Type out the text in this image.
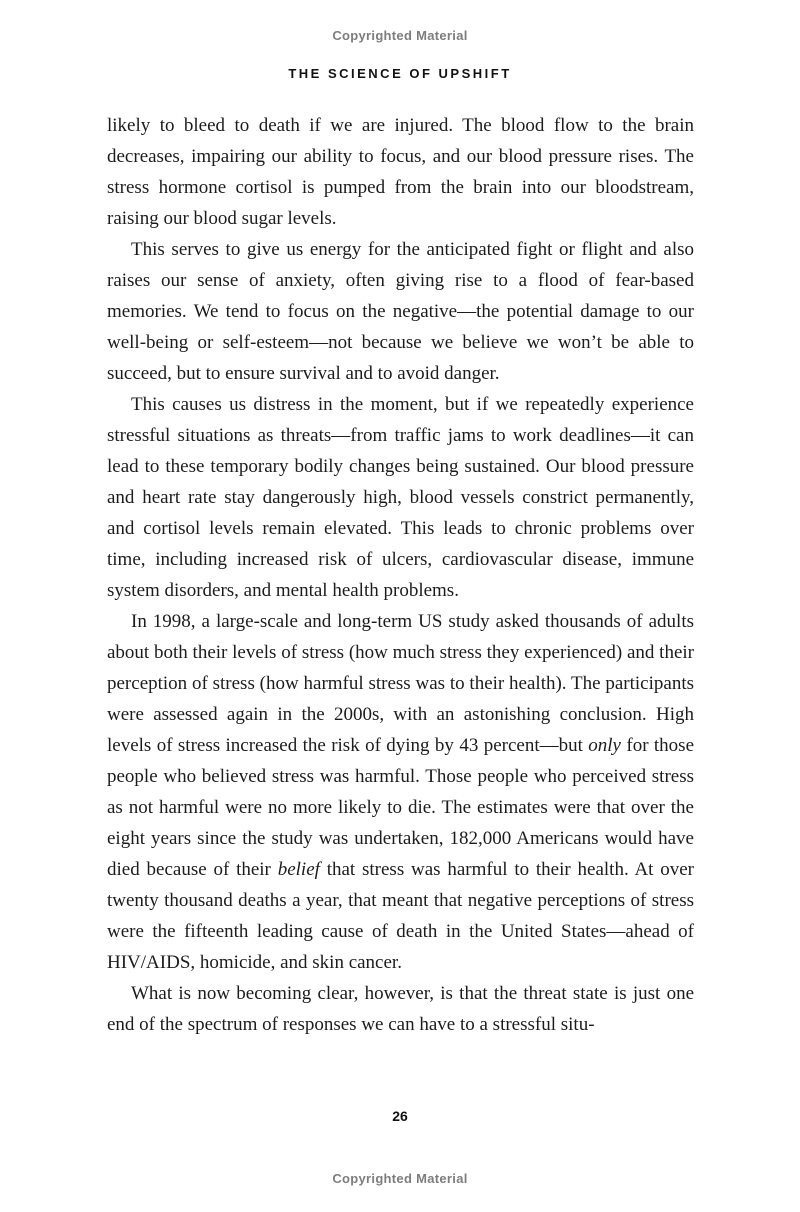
Copyrighted Material
THE SCIENCE OF UPSHIFT

likely to bleed to death if we are injured. The blood flow to the brain decreases, impairing our ability to focus, and our blood pressure rises. The stress hormone cortisol is pumped from the brain into our bloodstream, raising our blood sugar levels.

This serves to give us energy for the anticipated fight or flight and also raises our sense of anxiety, often giving rise to a flood of fear-based memories. We tend to focus on the negative—the potential damage to our well-being or self-esteem—not because we believe we won’t be able to succeed, but to ensure survival and to avoid danger.

This causes us distress in the moment, but if we repeatedly experience stressful situations as threats—from traffic jams to work deadlines—it can lead to these temporary bodily changes being sustained. Our blood pressure and heart rate stay dangerously high, blood vessels constrict permanently, and cortisol levels remain elevated. This leads to chronic problems over time, including increased risk of ulcers, cardiovascular disease, immune system disorders, and mental health problems.

In 1998, a large-scale and long-term US study asked thousands of adults about both their levels of stress (how much stress they experienced) and their perception of stress (how harmful stress was to their health). The participants were assessed again in the 2000s, with an astonishing conclusion. High levels of stress increased the risk of dying by 43 percent—but only for those people who believed stress was harmful. Those people who perceived stress as not harmful were no more likely to die. The estimates were that over the eight years since the study was undertaken, 182,000 Americans would have died because of their belief that stress was harmful to their health. At over twenty thousand deaths a year, that meant that negative perceptions of stress were the fifteenth leading cause of death in the United States—ahead of HIV/AIDS, homicide, and skin cancer.

What is now becoming clear, however, is that the threat state is just one end of the spectrum of responses we can have to a stressful situ-

26
Copyrighted Material
